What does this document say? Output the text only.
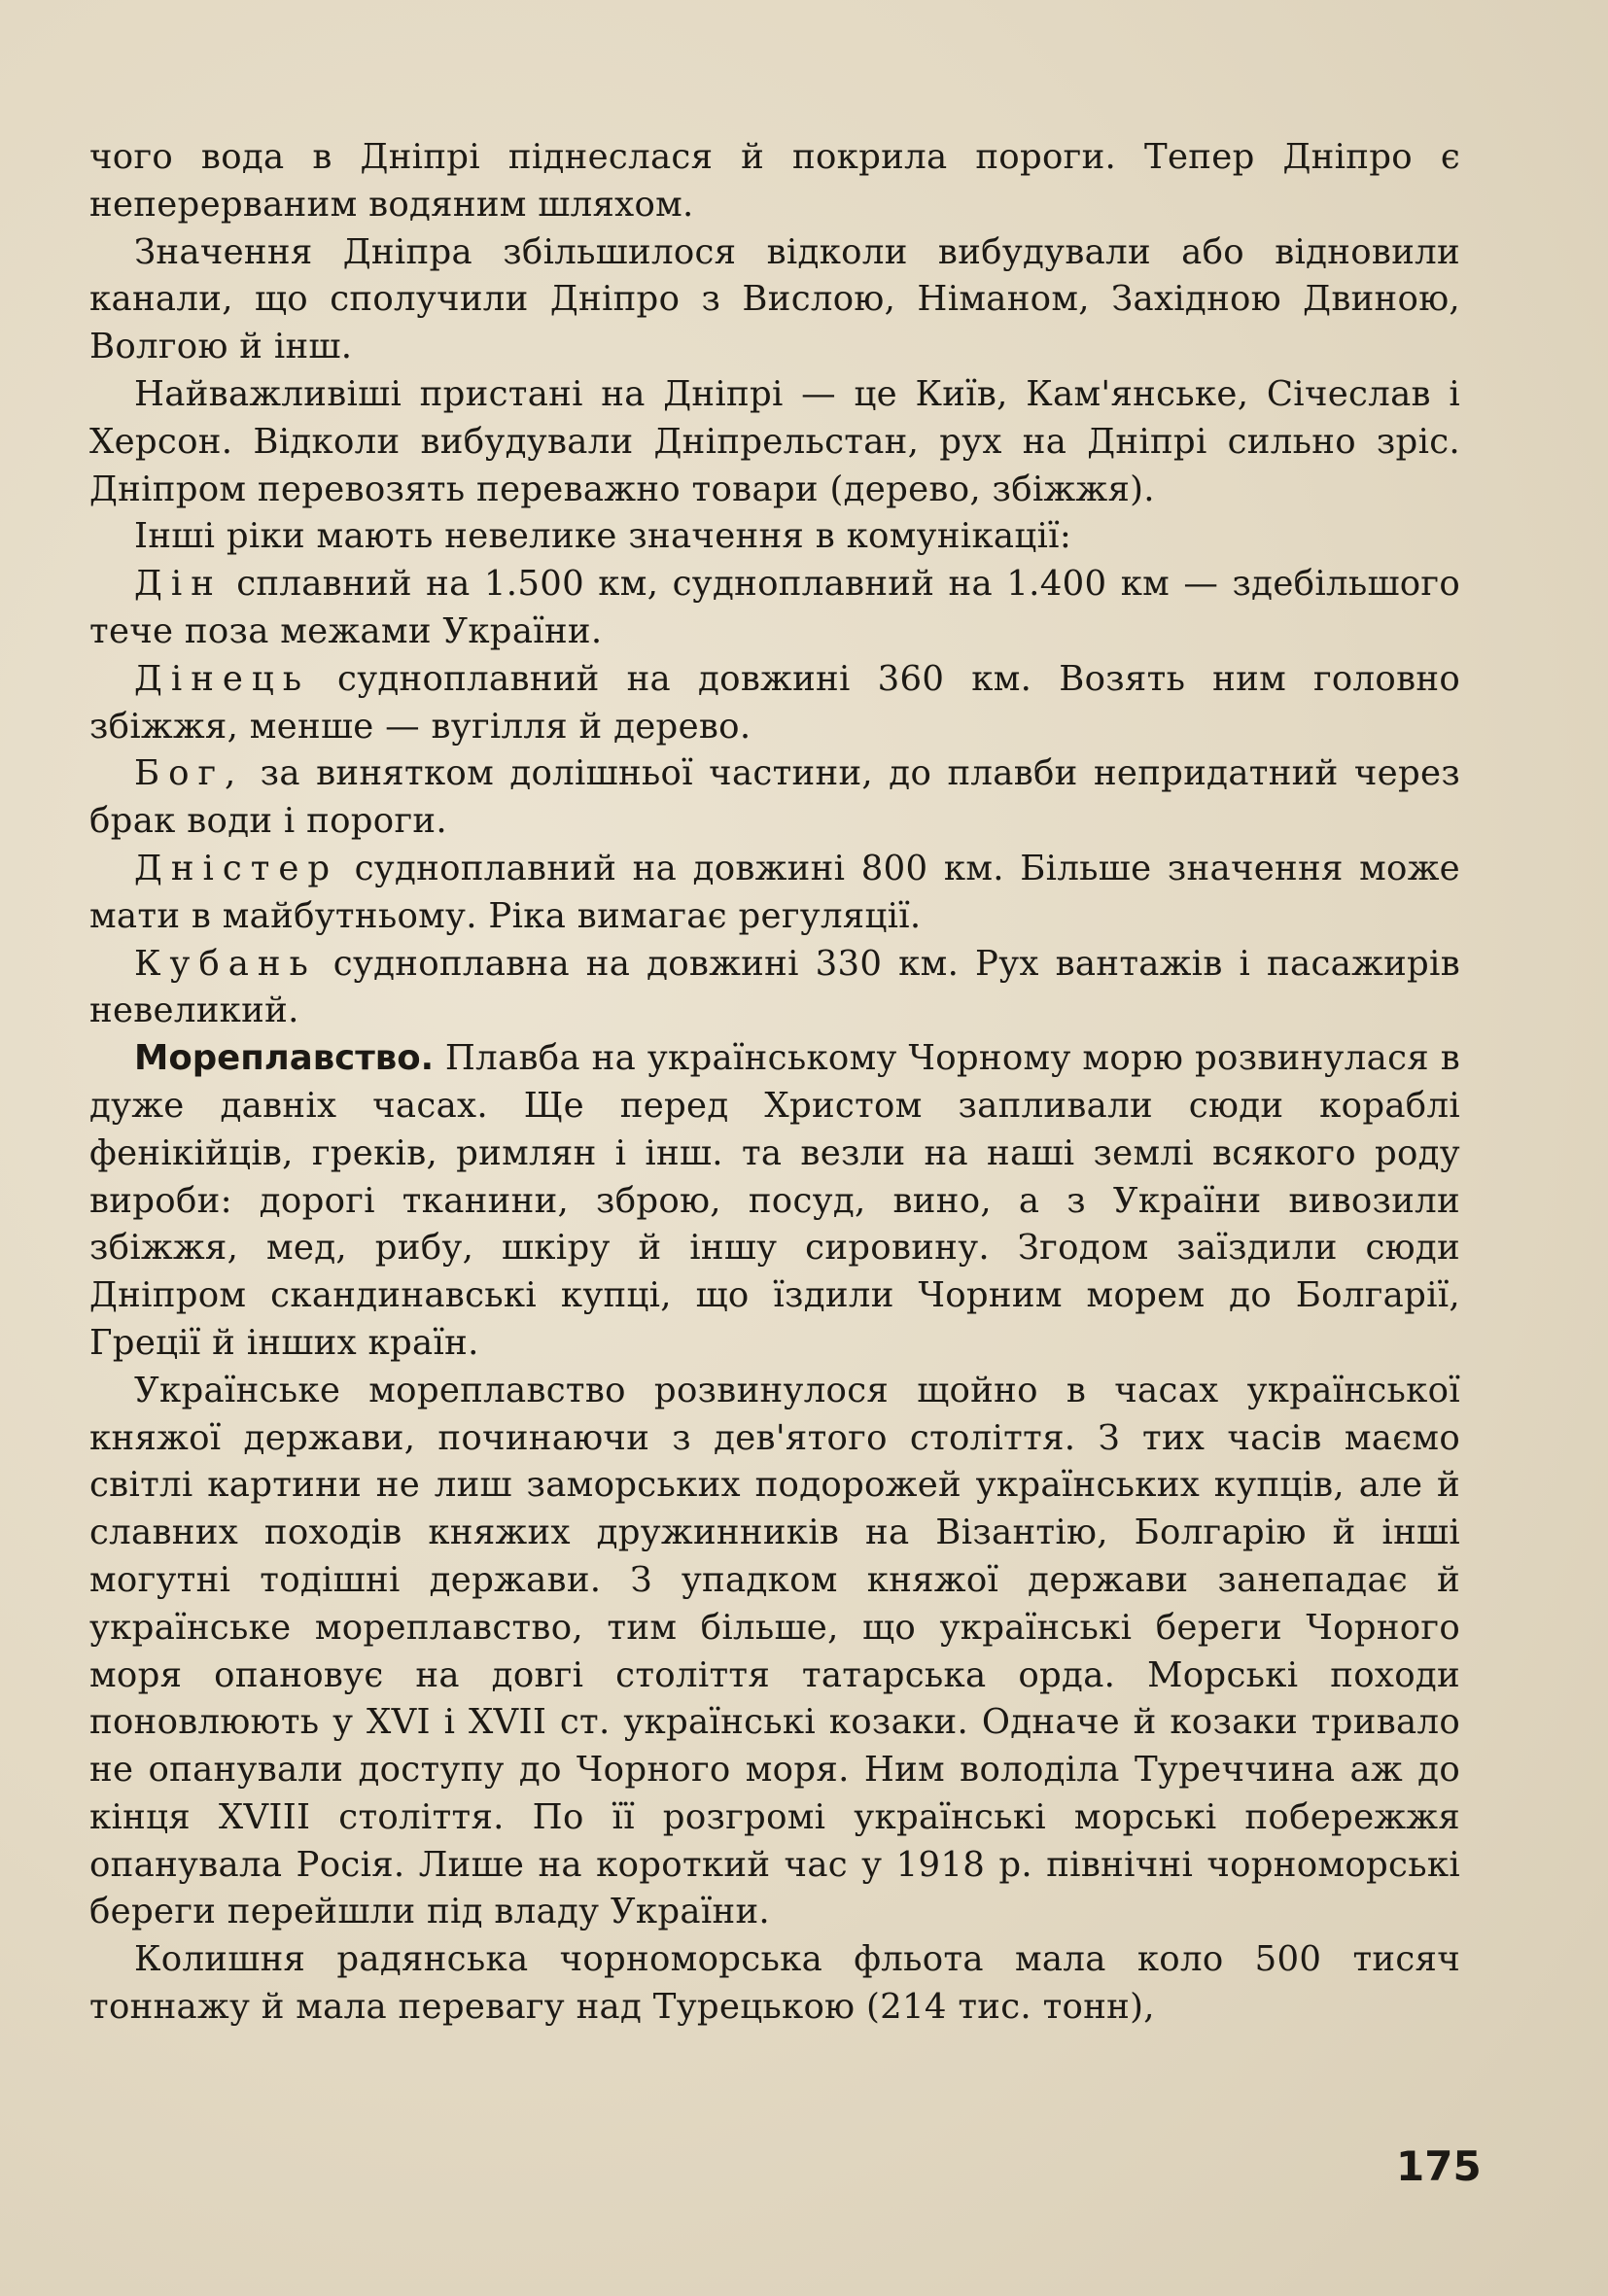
чого вода в Дніпрі піднеслася й покрила пороги. Тепер Дніпро є неперерваним водяним шляхом.

Значення Дніпра збільшилося відколи вибудували або відновили канали, що сполучили Дніпро з Вислою, Німаном, Західною Двиною, Волгою й інш.

Найважливіші пристані на Дніпрі — це Київ, Кам'янське, Січеслав і Херсон. Відколи вибудували Дніпрельстан, рух на Дніпрі сильно зріс. Дніпром перевозять переважно товари (дерево, збіжжя).

Інші ріки мають невелике значення в комунікації:

Дін сплавний на 1.500 км, судноплавний на 1.400 км — здебільшого тече поза межами України.

Дінець судноплавний на довжині 360 км. Возять ним головно збіжжя, менше — вугілля й дерево.

Бог, за винятком долішньої частини, до плавби непридатний через брак води і пороги.

Дністер судноплавний на довжині 800 км. Більше значення може мати в майбутньому. Ріка вимагає регуляції.

Кубань судноплавна на довжині 330 км. Рух вантажів і пасажирів невеликий.

Мореплавство. Плавба на українському Чорному морю розвинулася в дуже давніх часах. Ще перед Христом запливали сюди кораблі фенікійців, греків, римлян і інш. та везли на наші землі всякого роду вироби: дорогі тканини, зброю, посуд, вино, а з України вивозили збіжжя, мед, рибу, шкіру й іншу сировину. Згодом заїздили сюди Дніпром скандинавські купці, що їздили Чорним морем до Болгарії, Греції й інших країн.

Українське мореплавство розвинулося щойно в часах української княжої держави, починаючи з дев'ятого століття. З тих часів маємо світлі картини не лиш заморських подорожей українських купців, але й славних походів княжих дружинників на Візантію, Болгарію й інші могутні тодішні держави. З упадком княжої держави занепадає й українське мореплавство, тим більше, що українські береги Чорного моря опановує на довгі століття татарська орда. Морські походи поновлюють у XVI і XVII ст. українські козаки. Одначе й козаки тривало не опанували доступу до Чорного моря. Ним володіла Туреччина аж до кінця XVIII століття. По її розгромі українські морські побережжя опанувала Росія. Лише на короткий час у 1918 р. північні чорноморські береги перейшли під владу України.

Колишня радянська чорноморська фльота мала коло 500 тисяч тоннажу й мала перевагу над Турецькою (214 тис. тонн),

175
